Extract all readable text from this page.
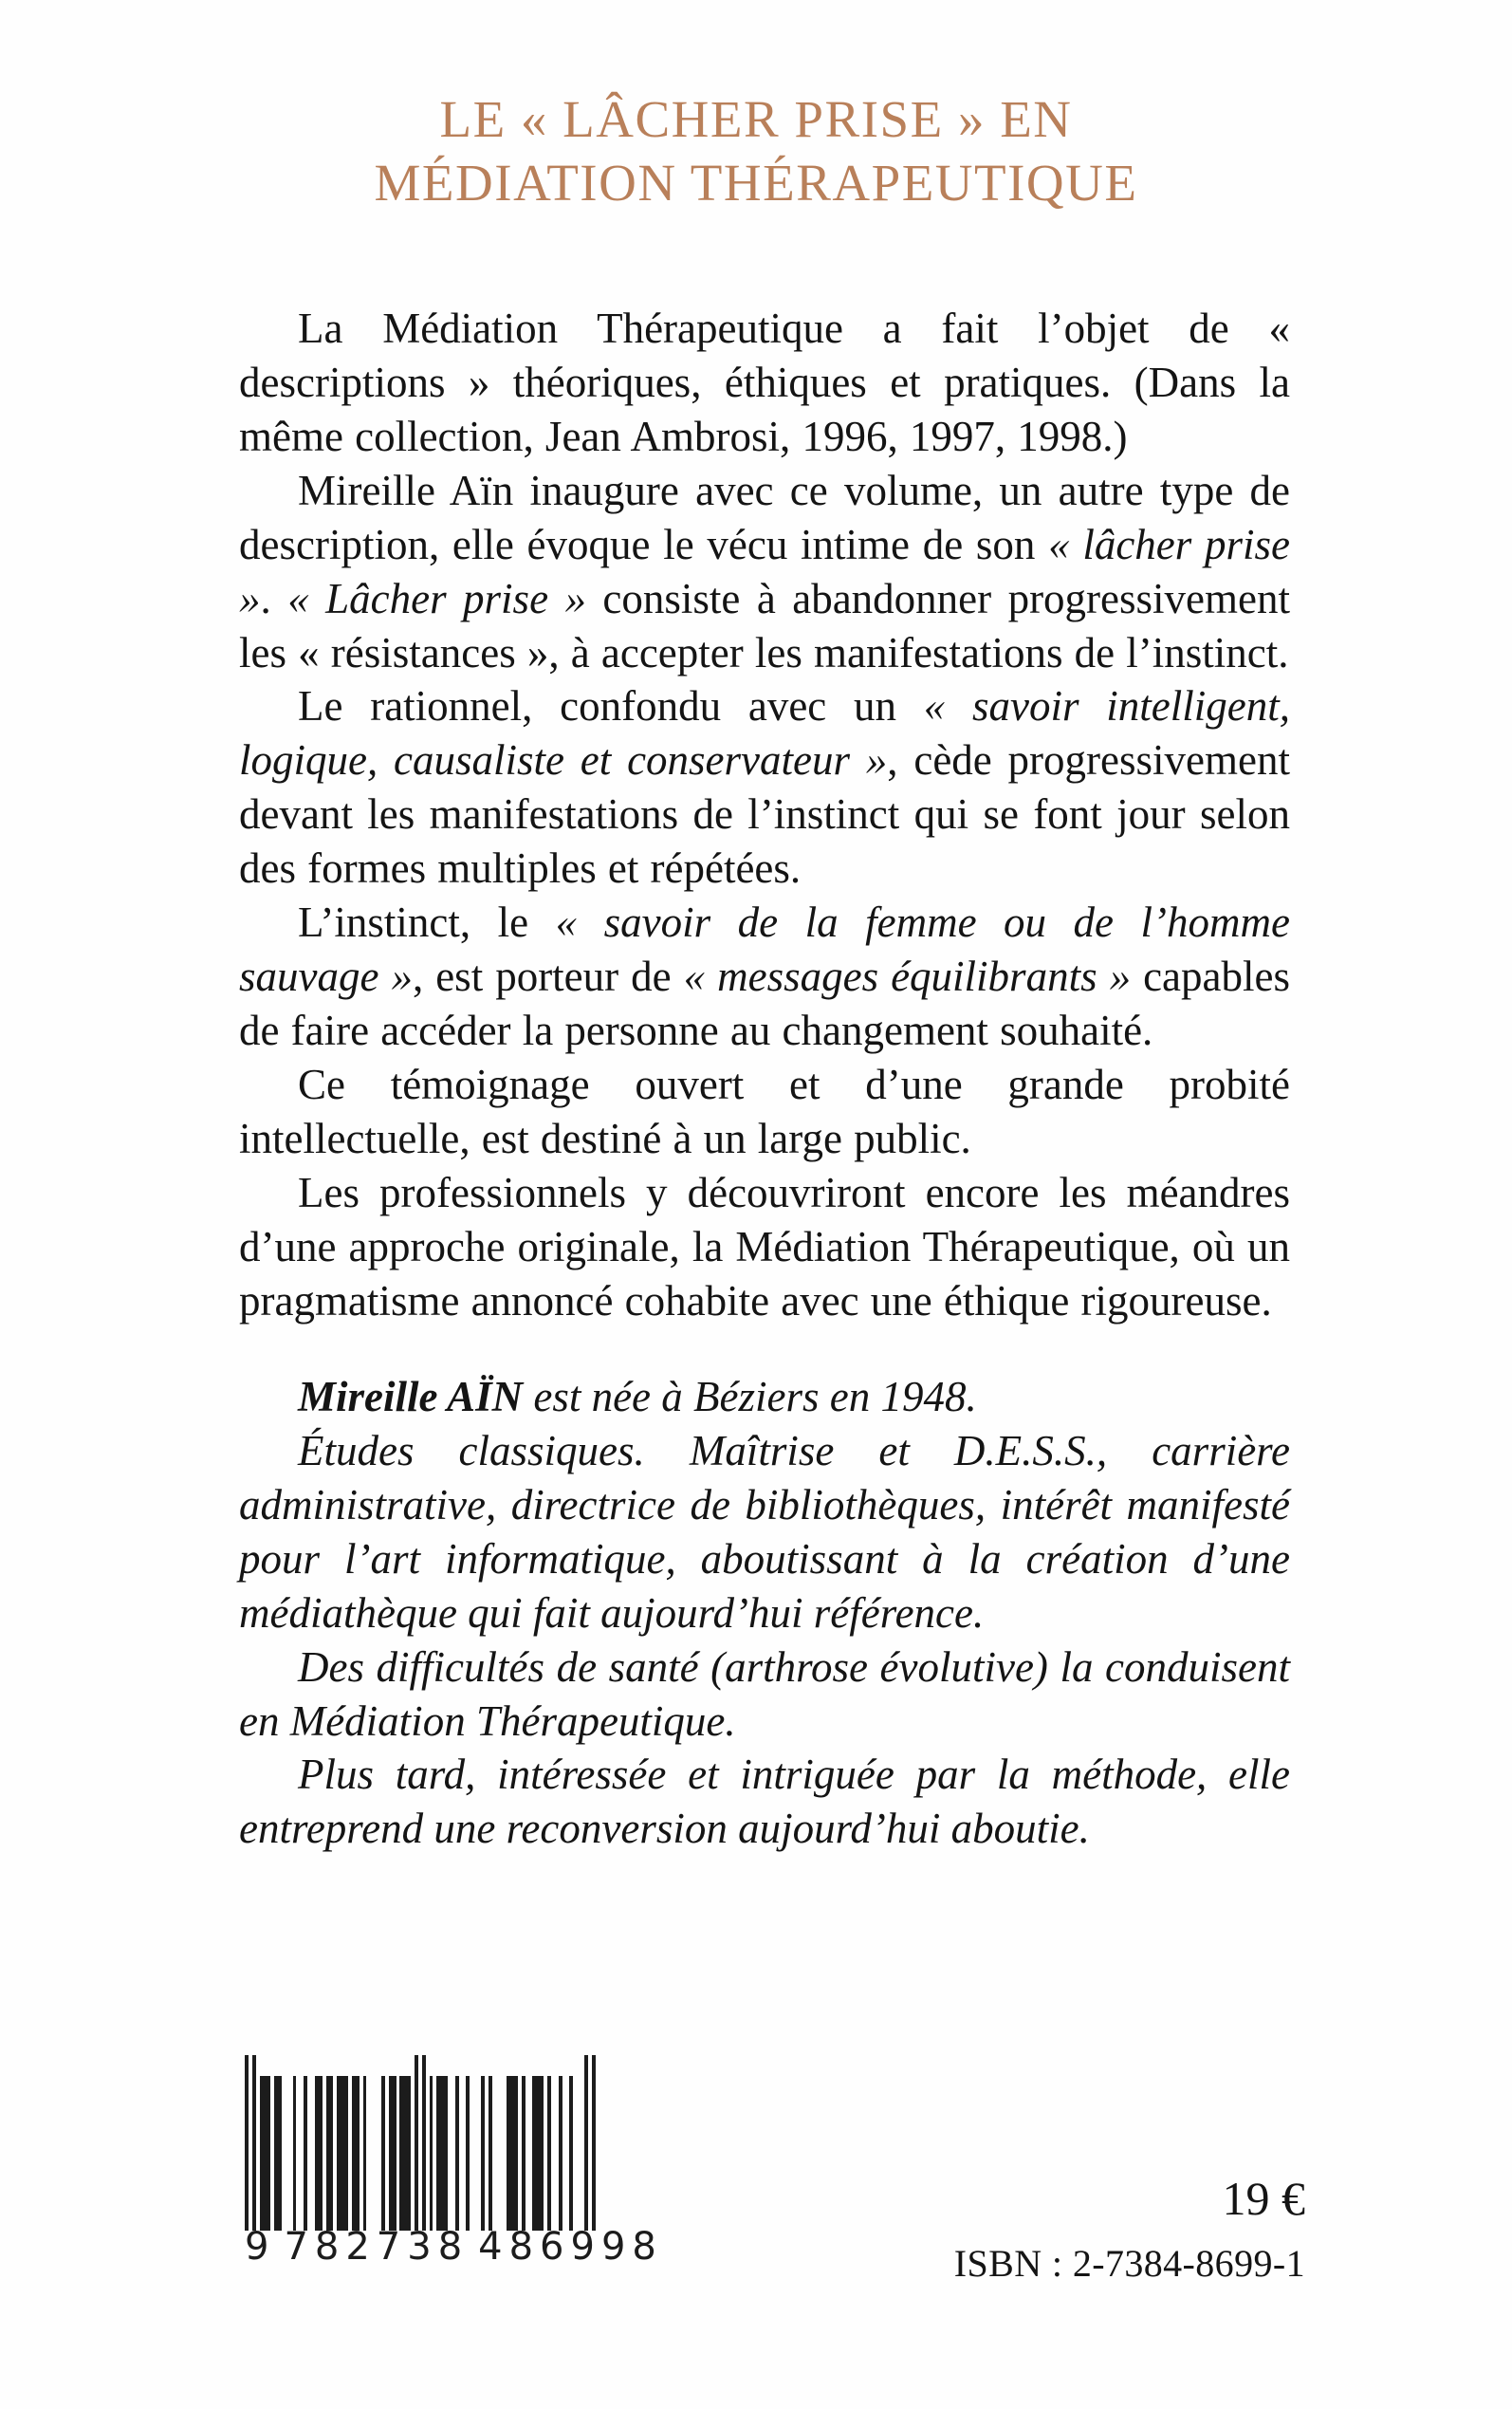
LE « LÂCHER PRISE » EN
MÉDIATION THÉRAPEUTIQUE

La Médiation Thérapeutique a fait l’objet de « descriptions » théoriques, éthiques et pratiques. (Dans la même collection, Jean Ambrosi, 1996, 1997, 1998.)

Mireille Aïn inaugure avec ce volume, un autre type de description, elle évoque le vécu intime de son « lâcher prise ». « Lâcher prise » consiste à abandonner progressivement les « résistances », à accepter les manifestations de l’instinct.

Le rationnel, confondu avec un « savoir intelligent, logique, causaliste et conservateur », cède progressivement devant les manifestations de l’instinct qui se font jour selon des formes multiples et répétées.

L’instinct, le « savoir de la femme ou de l’homme sauvage », est porteur de « messages équilibrants » capables de faire accéder la personne au changement souhaité.

Ce témoignage ouvert et d’une grande probité intellectuelle, est destiné à un large public.

Les professionnels y découvriront encore les méandres d’une approche originale, la Médiation Thérapeutique, où un pragmatisme annoncé cohabite avec une éthique rigoureuse.

Mireille AÏN est née à Béziers en 1948.

Études classiques. Maîtrise et D.E.S.S., carrière administrative, directrice de bibliothèques, intérêt manifesté pour l’art informatique, aboutissant à la création d’une médiathèque qui fait aujourd’hui référence.

Des difficultés de santé (arthrose évolutive) la conduisent en Médiation Thérapeutique.

Plus tard, intéressée et intriguée par la méthode, elle entreprend une reconversion aujourd’hui aboutie.

9 782738 486998
19 €
ISBN : 2-7384-8699-1
